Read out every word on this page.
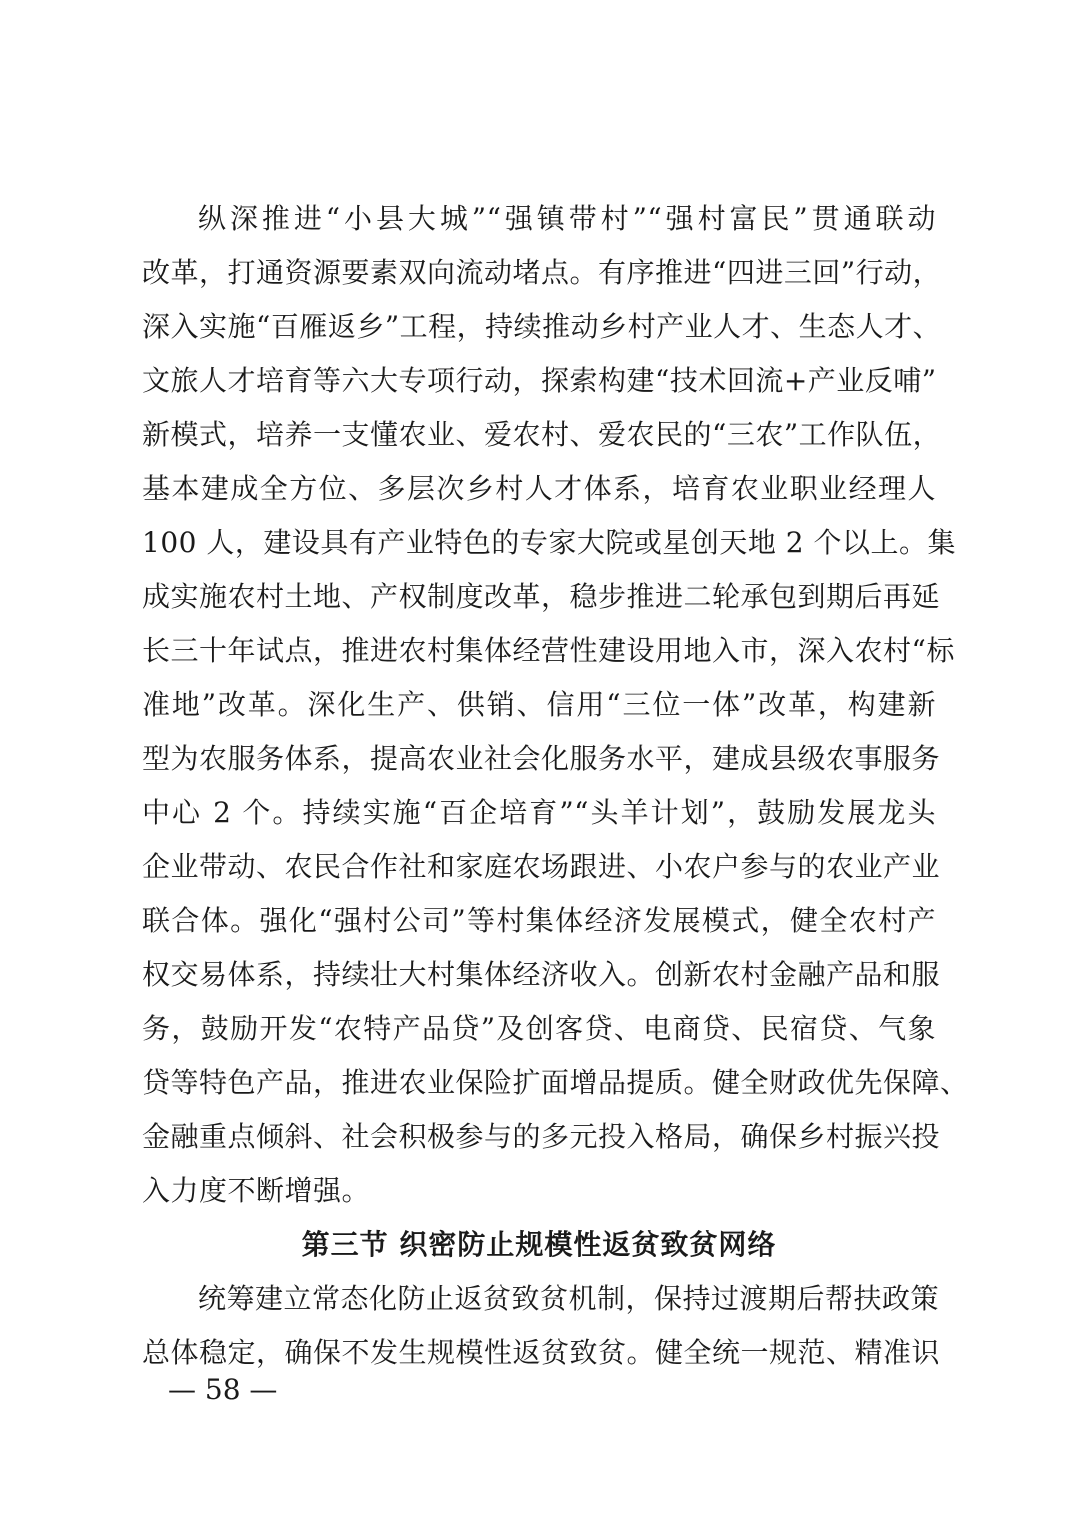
纵深推进“小县大城”“强镇带村”“强村富民”贯通联动
改革，打通资源要素双向流动堵点。有序推进“四进三回”行动，
深入实施“百雁返乡”工程，持续推动乡村产业人才、生态人才、
文旅人才培育等六大专项行动，探索构建“技术回流+产业反哺”
新模式，培养一支懂农业、爱农村、爱农民的“三农”工作队伍，
基本建成全方位、多层次乡村人才体系，培育农业职业经理人
100 人，建设具有产业特色的专家大院或星创天地 2 个以上。集
成实施农村土地、产权制度改革，稳步推进二轮承包到期后再延
长三十年试点，推进农村集体经营性建设用地入市，深入农村“标
准地”改革。深化生产、供销、信用“三位一体”改革，构建新
型为农服务体系，提高农业社会化服务水平，建成县级农事服务
中心 2 个。持续实施“百企培育”“头羊计划”，鼓励发展龙头
企业带动、农民合作社和家庭农场跟进、小农户参与的农业产业
联合体。强化“强村公司”等村集体经济发展模式，健全农村产
权交易体系，持续壮大村集体经济收入。创新农村金融产品和服
务，鼓励开发“农特产品贷”及创客贷、电商贷、民宿贷、气象
贷等特色产品，推进农业保险扩面增品提质。健全财政优先保障、
金融重点倾斜、社会积极参与的多元投入格局，确保乡村振兴投
入力度不断增强。
第三节 织密防止规模性返贫致贫网络
统筹建立常态化防止返贫致贫机制，保持过渡期后帮扶政策
总体稳定，确保不发生规模性返贫致贫。健全统一规范、精准识
— 58 —
